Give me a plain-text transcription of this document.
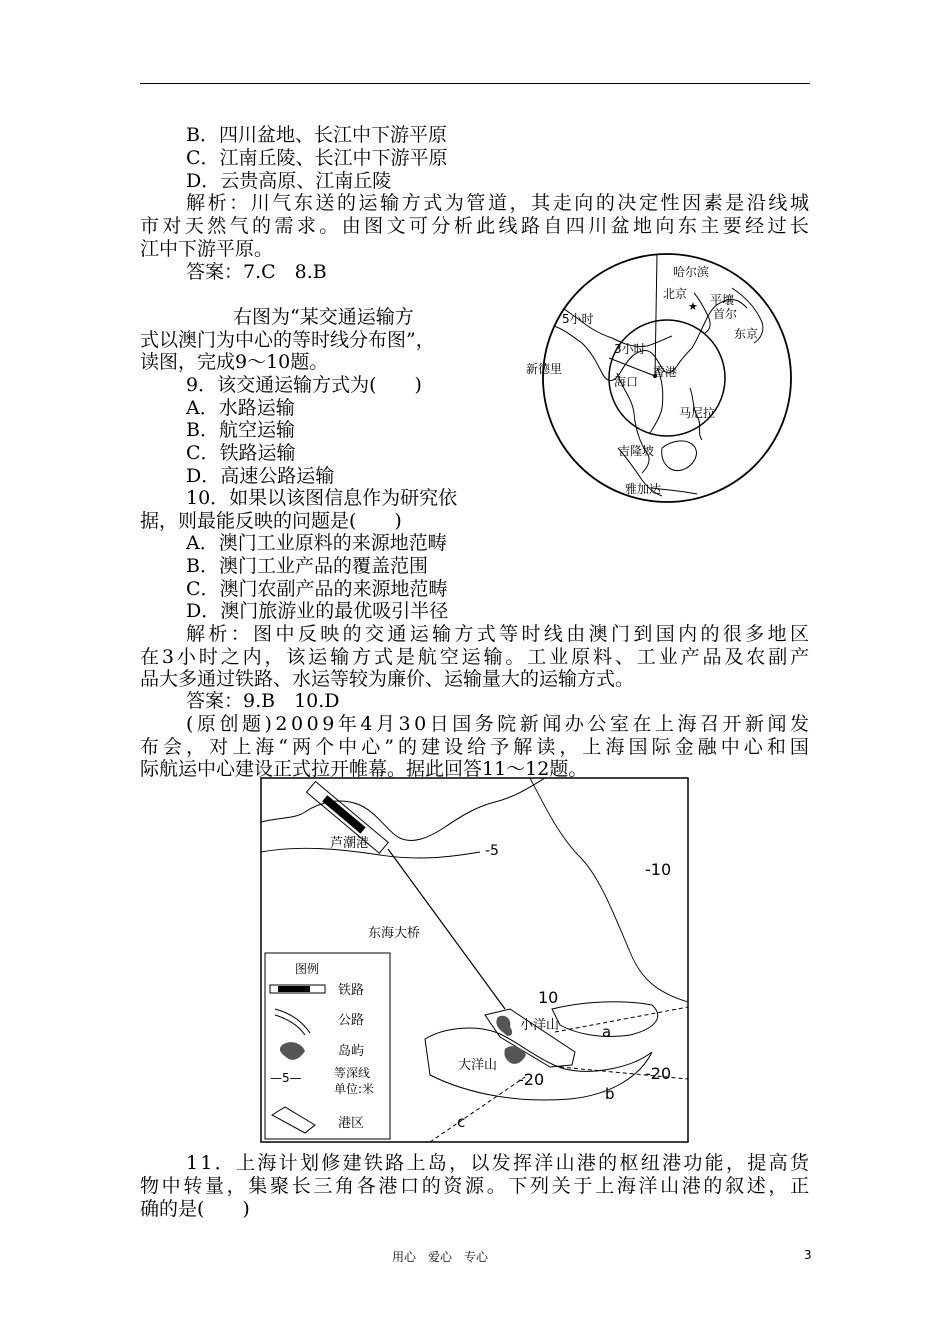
B．四川盆地、长江中下游平原
C．江南丘陵、长江中下游平原
D．云贵高原、江南丘陵
解析：川气东送的运输方式为管道，其走向的决定性因素是沿线城
市对天然气的需求。由图文可分析此线路自四川盆地向东主要经过长
江中下游平原。
答案：7.C　8.B
右图为“某交通运输方
式以澳门为中心的等时线分布图”，
读图，完成9～10题。
9．该交通运输方式为(　　)
A．水路运输
B．航空运输
C．铁路运输
D．高速公路运输
10．如果以该图信息作为研究依
据，则最能反映的问题是(　　)
A．澳门工业原料的来源地范畴
B．澳门工业产品的覆盖范围
C．澳门农副产品的来源地范畴
D．澳门旅游业的最优吸引半径
解析：图中反映的交通运输方式等时线由澳门到国内的很多地区
在3小时之内，该运输方式是航空运输。工业原料、工业产品及农副产
品大多通过铁路、水运等较为廉价、运输量大的运输方式。
答案：9.B　10.D
(原创题)2009年4月30日国务院新闻办公室在上海召开新闻发
布会，对上海“两个中心”的建设给予解读，上海国际金融中心和国
际航运中心建设正式拉开帷幕。据此回答11～12题。
哈尔滨
北京
★ 平壤
首尔
东京
5小时
3小时
新德里
海口
香港
马尼拉
吉隆坡
雅加达
芦潮港	-5
-10
东海大桥
10
小洋山
大洋山
-20	-20
a
b
c
图例
铁路
公路
岛屿
—5—	等深线
单位:米
港区
11．上海计划修建铁路上岛，以发挥洋山港的枢纽港功能，提高货
物中转量，集聚长三角各港口的资源。下列关于上海洋山港的叙述，正
确的是(　　)
用心　爱心　专心	3
